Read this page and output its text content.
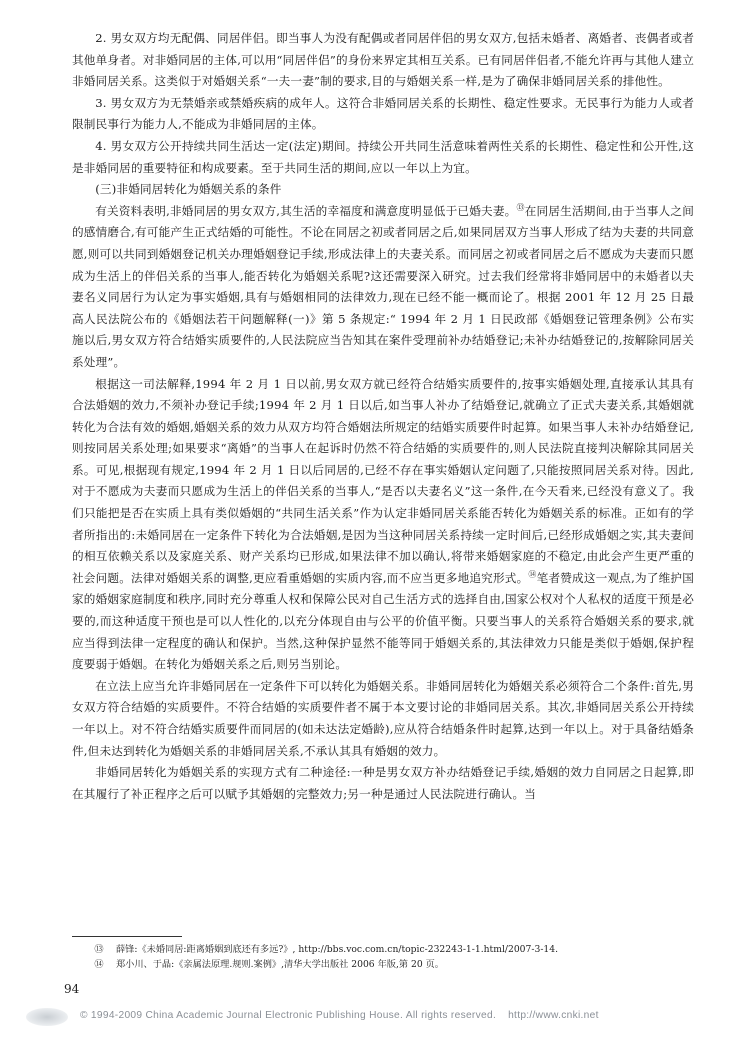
2. 男女双方均无配偶、同居伴侣。即当事人为没有配偶或者同居伴侣的男女双方,包括未婚者、离婚者、丧偶者或者其他单身者。对非婚同居的主体,可以用“同居伴侣”的身份来界定其相互关系。已有同居伴侣者,不能允许再与其他人建立非婚同居关系。这类似于对婚姻关系“一夫一妻”制的要求,目的与婚姻关系一样,是为了确保非婚同居关系的排他性。

3. 男女双方为无禁婚亲或禁婚疾病的成年人。这符合非婚同居关系的长期性、稳定性要求。无民事行为能力人或者限制民事行为能力人,不能成为非婚同居的主体。

4. 男女双方公开持续共同生活达一定(法定)期间。持续公开共同生活意味着两性关系的长期性、稳定性和公开性,这是非婚同居的重要特征和构成要素。至于共同生活的期间,应以一年以上为宜。

(三)非婚同居转化为婚姻关系的条件

有关资料表明,非婚同居的男女双方,其生活的幸福度和满意度明显低于已婚夫妻。⑬在同居生活期间,由于当事人之间的感情磨合,有可能产生正式结婚的可能性。不论在同居之初或者同居之后,如果同居双方当事人形成了结为夫妻的共同意愿,则可以共同到婚姻登记机关办理婚姻登记手续,形成法律上的夫妻关系。而同居之初或者同居之后不愿成为夫妻而只愿成为生活上的伴侣关系的当事人,能否转化为婚姻关系呢?这还需要深入研究。过去我们经常将非婚同居中的未婚者以夫妻名义同居行为认定为事实婚姻,具有与婚姻相同的法律效力,现在已经不能一概而论了。根据 2001 年 12 月 25 日最高人民法院公布的《婚姻法若干问题解释(一)》第 5 条规定:“ 1994 年 2 月 1 日民政部《婚姻登记管理条例》公布实施以后,男女双方符合结婚实质要件的,人民法院应当告知其在案件受理前补办结婚登记;未补办结婚登记的,按解除同居关系处理”。

根据这一司法解释,1994 年 2 月 1 日以前,男女双方就已经符合结婚实质要件的,按事实婚姻处理,直接承认其具有合法婚姻的效力,不须补办登记手续;1994 年 2 月 1 日以后,如当事人补办了结婚登记,就确立了正式夫妻关系,其婚姻就转化为合法有效的婚姻,婚姻关系的效力从双方均符合婚姻法所规定的结婚实质要件时起算。如果当事人未补办结婚登记,则按同居关系处理;如果要求“离婚”的当事人在起诉时仍然不符合结婚的实质要件的,则人民法院直接判决解除其同居关系。可见,根据现有规定,1994 年 2 月 1 日以后同居的,已经不存在事实婚姻认定问题了,只能按照同居关系对待。因此,对于不愿成为夫妻而只愿成为生活上的伴侣关系的当事人,“是否以夫妻名义”这一条件,在今天看来,已经没有意义了。我们只能把是否在实质上具有类似婚姻的“共同生活关系”作为认定非婚同居关系能否转化为婚姻关系的标准。正如有的学者所指出的:未婚同居在一定条件下转化为合法婚姻,是因为当这种同居关系持续一定时间后,已经形成婚姻之实,其夫妻间的相互依赖关系以及家庭关系、财产关系均已形成,如果法律不加以确认,将带来婚姻家庭的不稳定,由此会产生更严重的社会问题。法律对婚姻关系的调整,更应看重婚姻的实质内容,而不应当更多地追究形式。⑭笔者赞成这一观点,为了维护国家的婚姻家庭制度和秩序,同时充分尊重人权和保障公民对自己生活方式的选择自由,国家公权对个人私权的适度干预是必要的,而这种适度干预也是可以人性化的,以充分体现自由与公平的价值平衡。只要当事人的关系符合婚姻关系的要求,就应当得到法律一定程度的确认和保护。当然,这种保护显然不能等同于婚姻关系的,其法律效力只能是类似于婚姻,保护程度要弱于婚姻。在转化为婚姻关系之后,则另当别论。

在立法上应当允许非婚同居在一定条件下可以转化为婚姻关系。非婚同居转化为婚姻关系必须符合二个条件:首先,男女双方符合结婚的实质要件。不符合结婚的实质要件者不属于本文要讨论的非婚同居关系。其次,非婚同居关系公开持续一年以上。对不符合结婚实质要件而同居的(如未达法定婚龄),应从符合结婚条件时起算,达到一年以上。对于具备结婚条件,但未达到转化为婚姻关系的非婚同居关系,不承认其具有婚姻的效力。

非婚同居转化为婚姻关系的实现方式有二种途径:一种是男女双方补办结婚登记手续,婚姻的效力自同居之日起算,即在其履行了补正程序之后可以赋予其婚姻的完整效力;另一种是通过人民法院进行确认。当

⑬ 薛锋:《未婚同居:距离婚姻到底还有多远?》, http://bbs.voc.com.cn/topic-232243-1-1.html/2007-3-14.
⑭ 郑小川、于晶:《亲属法原理.规则.案例》,清华大学出版社 2006 年版,第 20 页。
94
© 1994-2009 China Academic Journal Electronic Publishing House. All rights reserved. http://www.cnki.net
